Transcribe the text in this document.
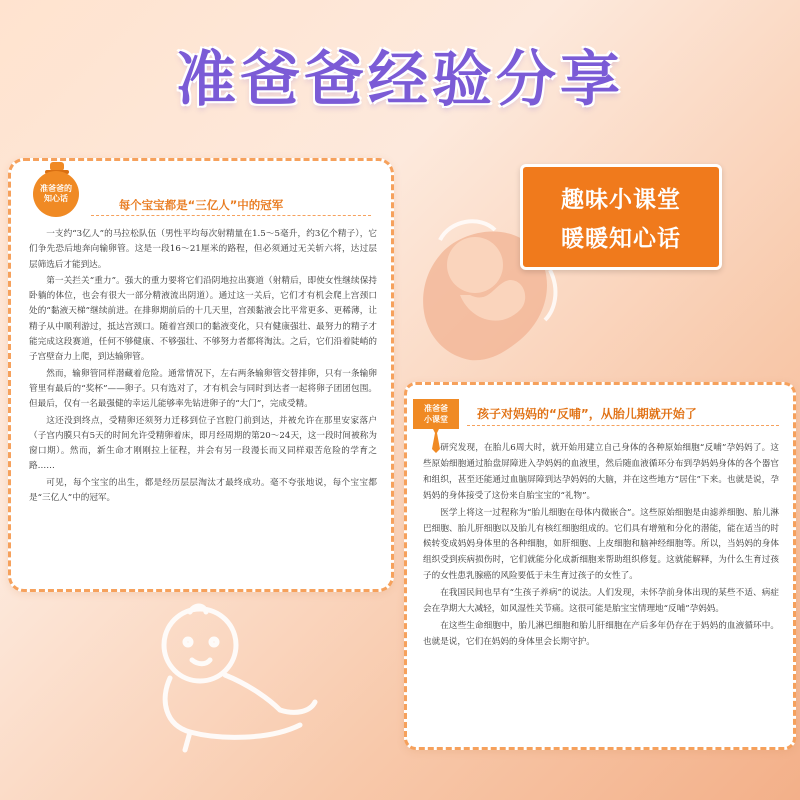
准爸爸经验分享
趣味小课堂
暖暖知心话
准爸爸的
知心话	每个宝宝都是“三亿人”中的冠军

一支约“3亿人”的马拉松队伍（男性平均每次射精量在1.5～5毫升，约3亿个精子），它们争先恐后地奔向输卵管。这是一段16～21厘米的路程，但必须通过无关斩六将，达过层层筛选后才能到达。

第一关拦关“重力”。强大的重力要将它们沿阴地拉出赛道（射精后，即使女性继续保持卧躺的体位，也会有很大一部分精液流出阴道）。通过这一关后，它们才有机会爬上宫颈口处的“黏液天梯”继续前进。在排卵期前后的十几天里，宫颈黏液会比平常更多、更稀薄，让精子从中顺利游过，抵达宫颈口。随着宫颈口的黏液变化，只有健康强壮、最努力的精子才能完成这段赛道，任何不够健康、不够强壮、不够努力者都将淘汰。之后，它们沿着陡峭的子宫壁奋力上爬，到达输卵管。

然而，输卵管同样潜藏着危险。通常情况下，左右两条输卵管交替排卵，只有一条输卵管里有最后的“奖杯”——卵子。只有选对了，才有机会与同时到达者一起将卵子团团包围。但最后，仅有一名最强健的幸运儿能够率先钻进卵子的“大门”，完成受精。

这还没到终点，受精卵还须努力迁移到位子宫腔门前到达，并被允许在那里安家落户（子宫内膜只有5天的时间允许受精卵着床，即月经周期的第20～24天，这一段时间被称为窗口期）。然而，新生命才刚刚拉上征程，并会有另一段漫长而又同样艰苦危险的学育之路……

可见，每个宝宝的出生，都是经历层层淘汰才最终成功。毫不夸张地说，每个宝宝都是“三亿人”中的冠军。

准爸爸
小课堂	孩子对妈妈的“反哺”，从胎儿期就开始了

研究发现，在胎儿6周大时，就开始用建立自己身体的各种原始细胞“反哺”孕妈妈了。这些原始细胞通过胎盘屏障进入孕妈妈的血液里，然后随血液循环分布到孕妈妈身体的各个器官和组织，甚至还能通过血脑屏障到达孕妈妈的大脑，并在这些地方“居住”下来。也就是说，孕妈妈的身体接受了这份来自胎宝宝的“礼物”。

医学上将这一过程称为“胎儿细胞在母体内微嵌合”。这些原始细胞是由滤养细胞、胎儿淋巴细胞、胎儿肝细胞以及胎儿有核红细胞组成的。它们具有增殖和分化的潜能，能在适当的时候转变成妈妈身体里的各种细胞，如肝细胞、上皮细胞和脑神经细胞等。所以，当妈妈的身体组织受到疾病损伤时，它们就能分化成新细胞来帮助组织修复。这就能解释，为什么生育过孩子的女性患乳腺癌的风险要低于未生育过孩子的女性了。

在我国民间也早有“生孩子养病”的说法。人们发现，未怀孕前身体出现的某些不适、病症会在孕期大大减轻，如风湿性关节痛。这很可能是胎宝宝情理地“反哺”孕妈妈。

在这些生命细胞中，胎儿淋巴细胞和胎儿肝细胞在产后多年仍存在于妈妈的血液循环中。也就是说，它们在妈妈的身体里会长期守护。
